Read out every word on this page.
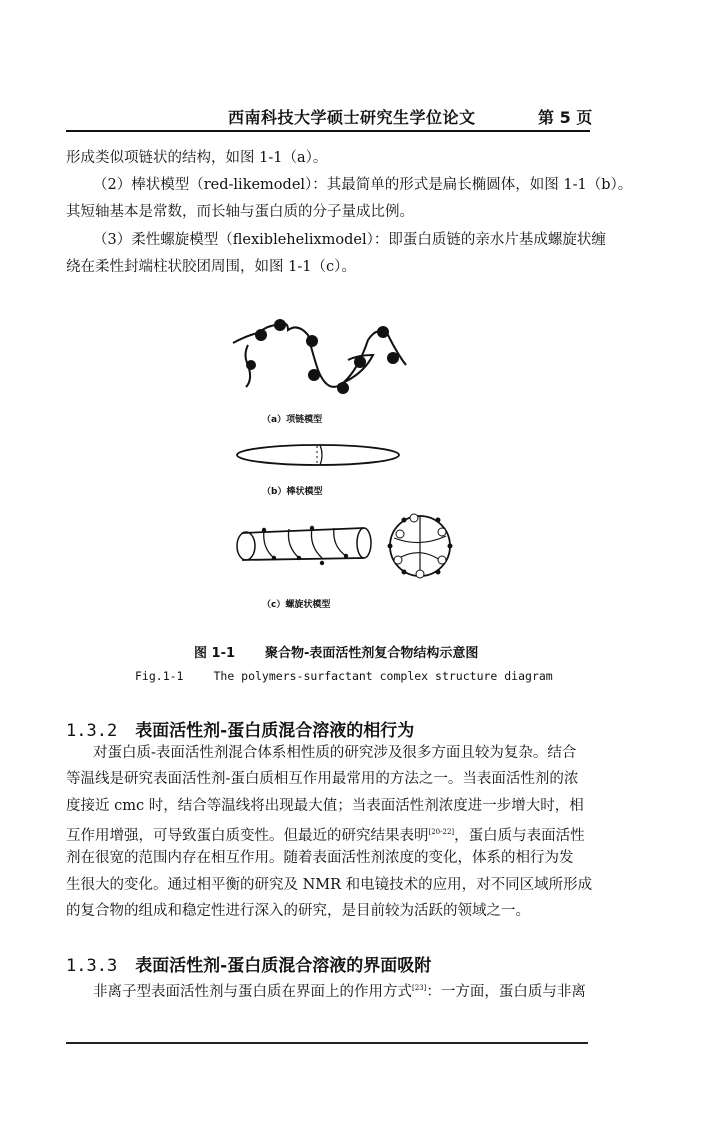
西南科技大学硕士研究生学位论文	第 5 页
形成类似项链状的结构，如图 1-1（a）。
（2）棒状模型（red-likemodel）：其最简单的形式是扁长椭圆体，如图 1-1（b）。
其短轴基本是常数，而长轴与蛋白质的分子量成比例。
（3）柔性螺旋模型（flexiblehelixmodel）：即蛋白质链的亲水片基成螺旋状缠
绕在柔性封端柱状胶团周围，如图 1-1（c）。
（a）项链模型
（b）棒状模型
（c）螺旋状模型
图 1-1 聚合物-表面活性剂复合物结构示意图
Fig.1-1	The polymers-surfactant complex structure diagram
1.3.2 表面活性剂-蛋白质混合溶液的相行为
对蛋白质-表面活性剂混合体系相性质的研究涉及很多方面且较为复杂。结合
等温线是研究表面活性剂-蛋白质相互作用最常用的方法之一。当表面活性剂的浓
度接近 cmc 时，结合等温线将出现最大值；当表面活性剂浓度进一步增大时，相
互作用增强，可导致蛋白质变性。但最近的研究结果表明[20-22]，蛋白质与表面活性
剂在很宽的范围内存在相互作用。随着表面活性剂浓度的变化，体系的相行为发
生很大的变化。通过相平衡的研究及 NMR 和电镜技术的应用，对不同区域所形成
的复合物的组成和稳定性进行深入的研究，是目前较为活跃的领域之一。
1.3.3 表面活性剂-蛋白质混合溶液的界面吸附
非离子型表面活性剂与蛋白质在界面上的作用方式[23]：一方面，蛋白质与非离
